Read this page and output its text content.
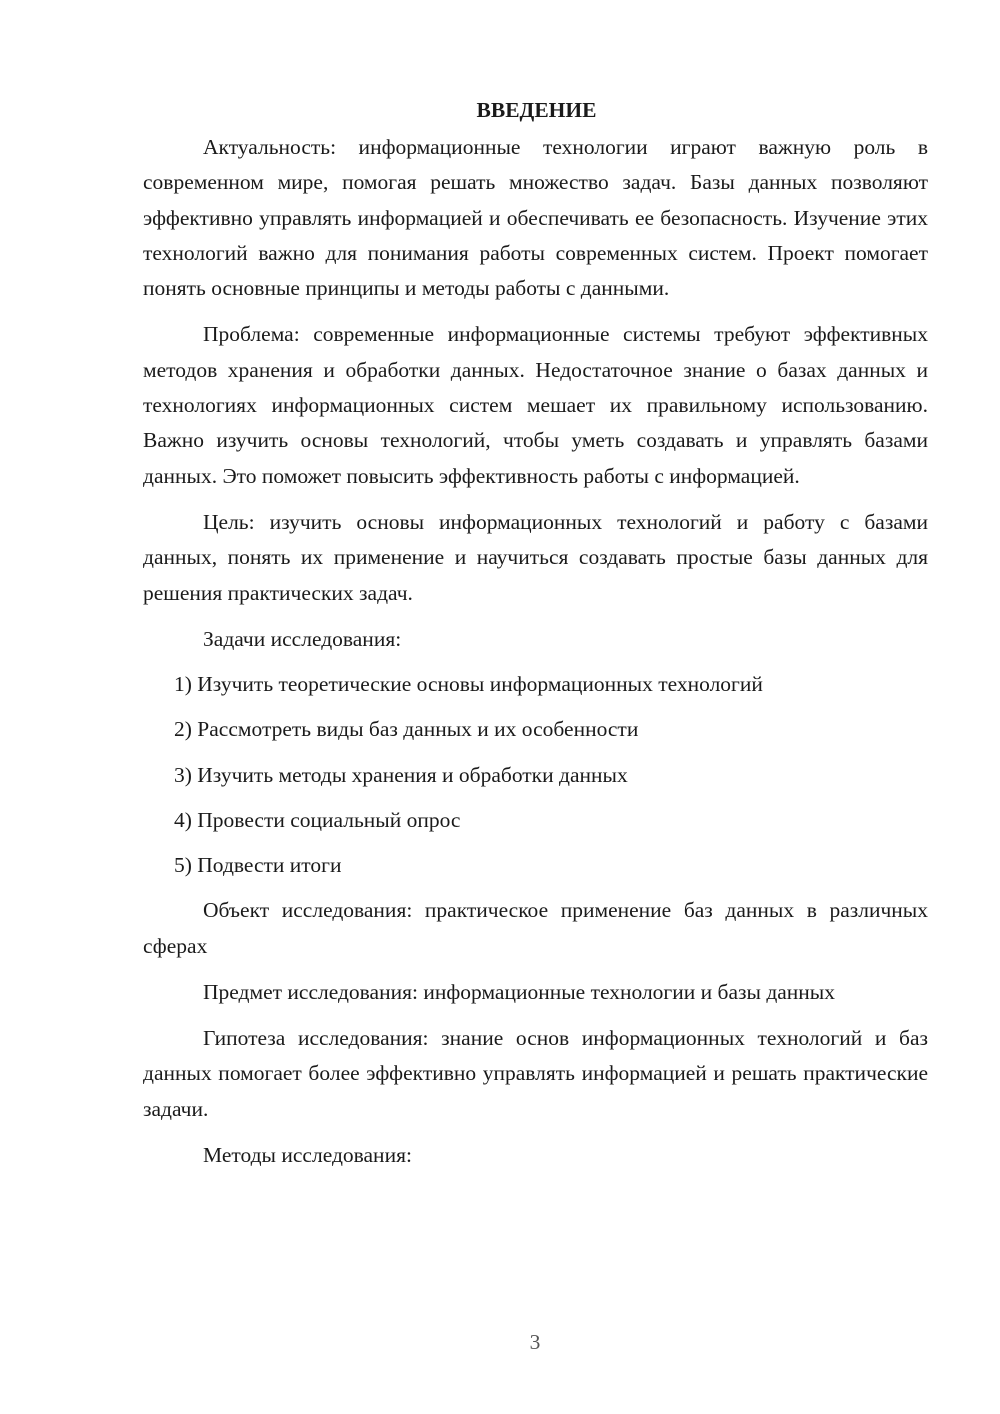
ВВЕДЕНИЕ

Актуальность: информационные технологии играют важную роль в современном мире, помогая решать множество задач. Базы данных позволяют эффективно управлять информацией и обеспечивать ее безопасность. Изучение этих технологий важно для понимания работы современных систем. Проект помогает понять основные принципы и методы работы с данными.

Проблема: современные информационные системы требуют эффективных методов хранения и обработки данных. Недостаточное знание о базах данных и технологиях информационных систем мешает их правильному использованию. Важно изучить основы технологий, чтобы уметь создавать и управлять базами данных. Это поможет повысить эффективность работы с информацией.

Цель: изучить основы информационных технологий и работу с базами данных, понять их применение и научиться создавать простые базы данных для решения практических задач.

Задачи исследования:

1) Изучить теоретические основы информационных технологий
2) Рассмотреть виды баз данных и их особенности
3) Изучить методы хранения и обработки данных
4) Провести социальный опрос
5) Подвести итоги

Объект исследования: практическое применение баз данных в различных сферах

Предмет исследования: информационные технологии и базы данных

Гипотеза исследования: знание основ информационных технологий и баз данных помогает более эффективно управлять информацией и решать практические задачи.

Методы исследования:

3
